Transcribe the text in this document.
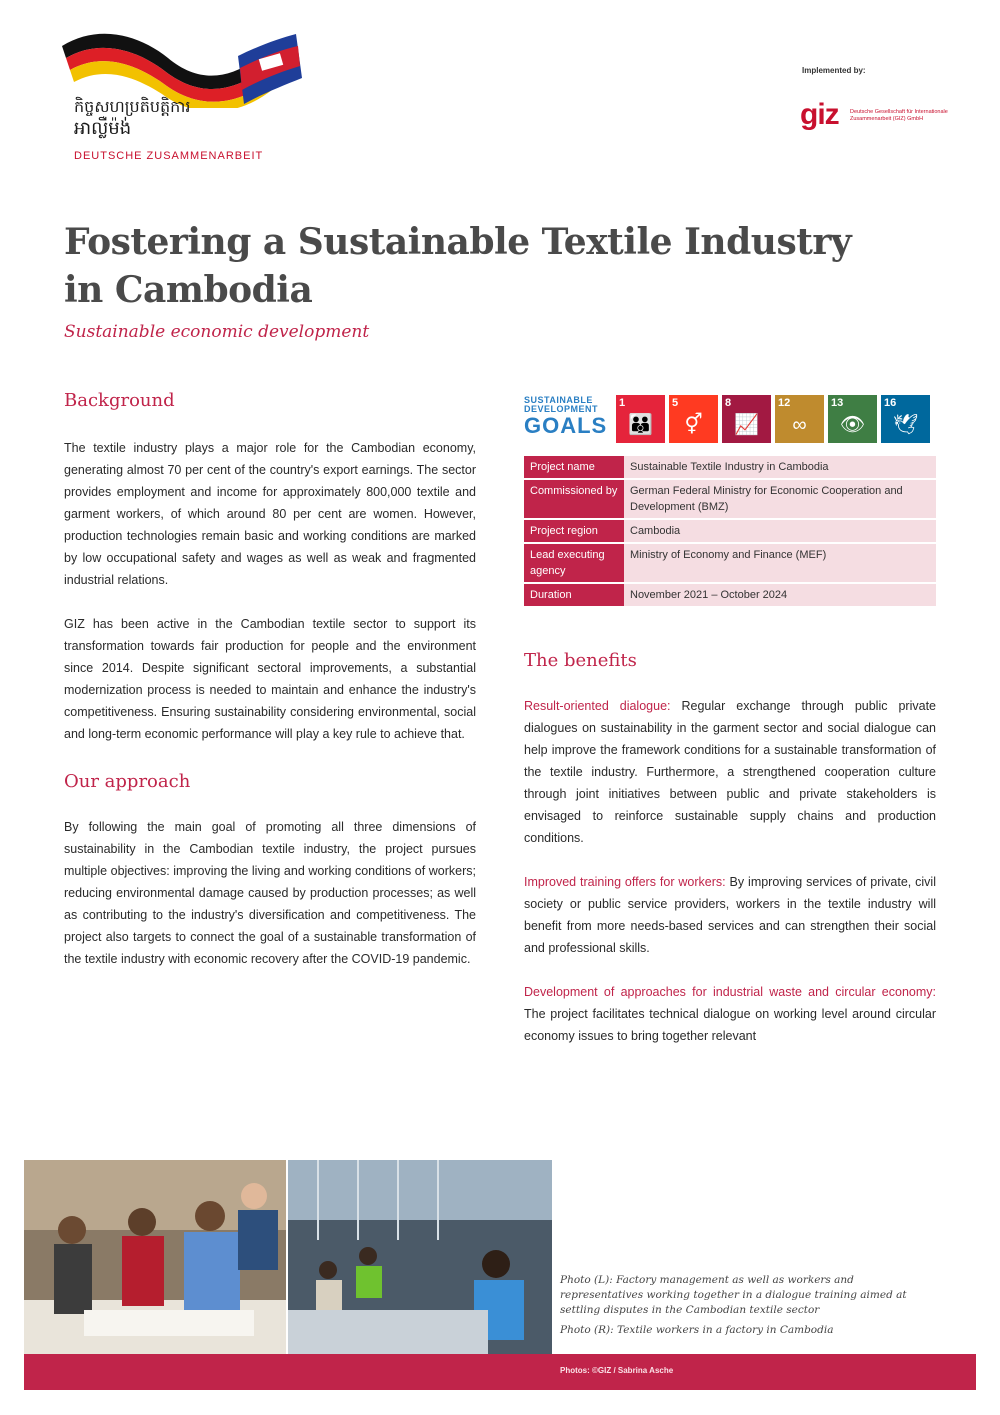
កិច្ចសហប្រតិបត្តិការ
អាល្លឺម៉ង់
DEUTSCHE ZUSAMMENARBEIT
Implemented by:
giz Deutsche Gesellschaft für Internationale Zusammenarbeit (GIZ) GmbH
Fostering a Sustainable Textile Industry in Cambodia
Sustainable economic development
Background

The textile industry plays a major role for the Cambodian economy, generating almost 70 per cent of the country's export earnings. The sector provides employment and income for approximately 800,000 textile and garment workers, of which around 80 per cent are women. However, production technologies remain basic and working conditions are marked by low occupational safety and wages as well as weak and fragmented industrial relations.

GIZ has been active in the Cambodian textile sector to support its transformation towards fair production for people and the environment since 2014. Despite significant sectoral improvements, a substantial modernization process is needed to maintain and enhance the industry's competitiveness. Ensuring sustainability considering environmental, social and long-term economic performance will play a key rule to achieve that.

Our approach

By following the main goal of promoting all three dimensions of sustainability in the Cambodian textile industry, the project pursues multiple objectives: improving the living and working conditions of workers; reducing environmental damage caused by production processes; as well as contributing to the industry's diversification and competitiveness. The project also targets to connect the goal of a sustainable transformation of the textile industry with economic recovery after the COVID-19 pandemic.

SUSTAINABLE
DEVELOPMENT
GOALS
1
👪
5
⚥
8
📈
12
∞
13
👁
16
🕊
Project name	Sustainable Textile Industry in Cambodia
Commissioned by	German Federal Ministry for Economic Cooperation and Development (BMZ)
Project region	Cambodia
Lead executing agency	Ministry of Economy and Finance (MEF)
Duration	November 2021 – October 2024
The benefits

Result-oriented dialogue: Regular exchange through public private dialogues on sustainability in the garment sector and social dialogue can help improve the framework conditions for a sustainable transformation of the textile industry. Furthermore, a strengthened cooperation culture through joint initiatives between public and private stakeholders is envisaged to reinforce sustainable supply chains and production conditions.

Improved training offers for workers: By improving services of private, civil society or public service providers, workers in the textile industry will benefit from more needs-based services and can strengthen their social and professional skills.

Development of approaches for industrial waste and circular economy: The project facilitates technical dialogue on working level around circular economy issues to bring together relevant

Photo (L): Factory management as well as workers and representatives working together in a dialogue training aimed at settling disputes in the Cambodian textile sector

Photo (R): Textile workers in a factory in Cambodia

Photos: ©GIZ / Sabrina Asche
